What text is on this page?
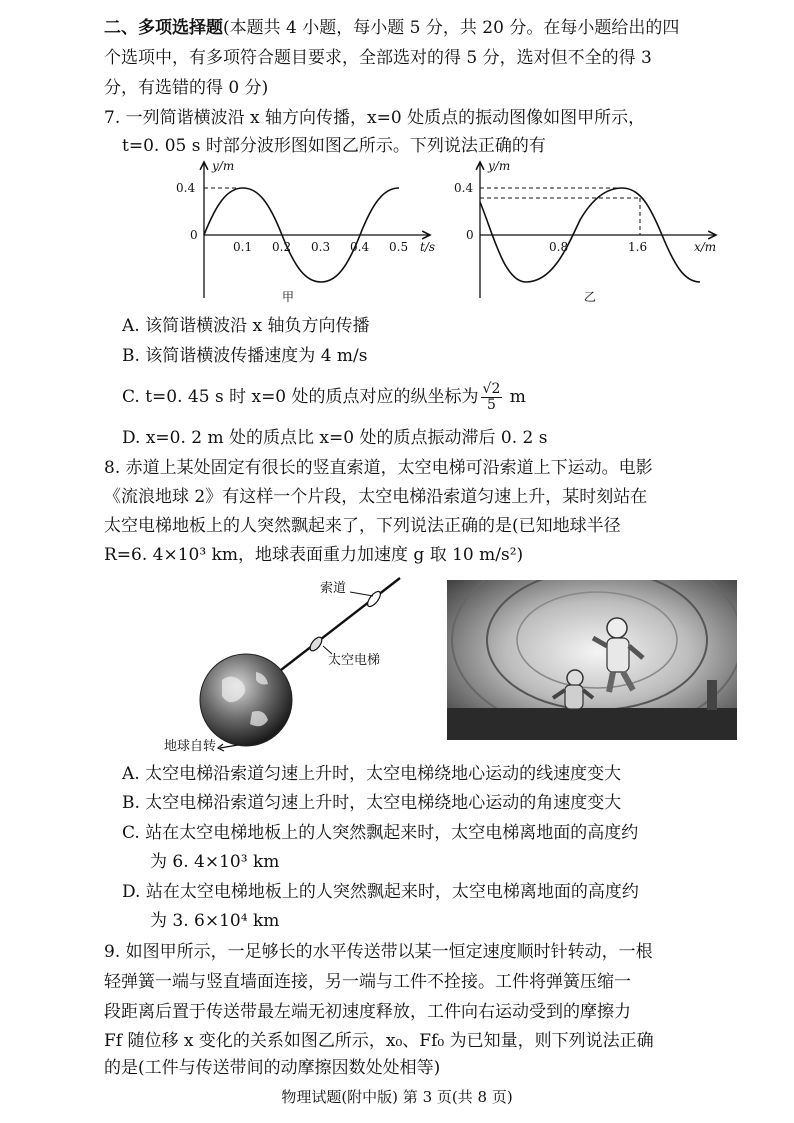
二、多项选择题(本题共 4 小题，每小题 5 分，共 20 分。在每小题给出的四
个选项中，有多项符合题目要求，全部选对的得 5 分，选对但不全的得 3
分，有选错的得 0 分)
7. 一列简谐横波沿 x 轴方向传播，x=0 处质点的振动图像如图甲所示，
t=0. 05 s 时部分波形图如图乙所示。下列说法正确的有
y/m
0.4
0
0.1 0.2 0.3 0.4 0.5 t/s
甲
y/m
0.4
0
0.8	1.6	x/m
乙
A. 该简谐横波沿 x 轴负方向传播
B. 该简谐横波传播速度为 4 m/s
C. t=0. 45 s 时 x=0 处的质点对应的纵坐标为 $\frac{√2}{5}$ m
D. x=0. 2 m 处的质点比 x=0 处的质点振动滞后 0. 2 s
8. 赤道上某处固定有很长的竖直索道，太空电梯可沿索道上下运动。电影
《流浪地球 2》有这样一个片段，太空电梯沿索道匀速上升，某时刻站在
太空电梯地板上的人突然飘起来了，下列说法正确的是(已知地球半径
R=6. 4×10³ km，地球表面重力加速度 g 取 10 m/s²)
索道
太空电梯
地球自转
A. 太空电梯沿索道匀速上升时，太空电梯绕地心运动的线速度变大
B. 太空电梯沿索道匀速上升时，太空电梯绕地心运动的角速度变大
C. 站在太空电梯地板上的人突然飘起来时，太空电梯离地面的高度约
为 6. 4×10³ km
D. 站在太空电梯地板上的人突然飘起来时，太空电梯离地面的高度约
为 3. 6×10⁴ km
9. 如图甲所示，一足够长的水平传送带以某一恒定速度顺时针转动，一根
轻弹簧一端与竖直墙面连接，另一端与工件不拴接。工件将弹簧压缩一
段距离后置于传送带最左端无初速度释放，工件向右运动受到的摩擦力
Ff 随位移 x 变化的关系如图乙所示，x₀、Ff₀ 为已知量，则下列说法正确
的是(工件与传送带间的动摩擦因数处处相等)
物理试题(附中版) 第 3 页(共 8 页)
